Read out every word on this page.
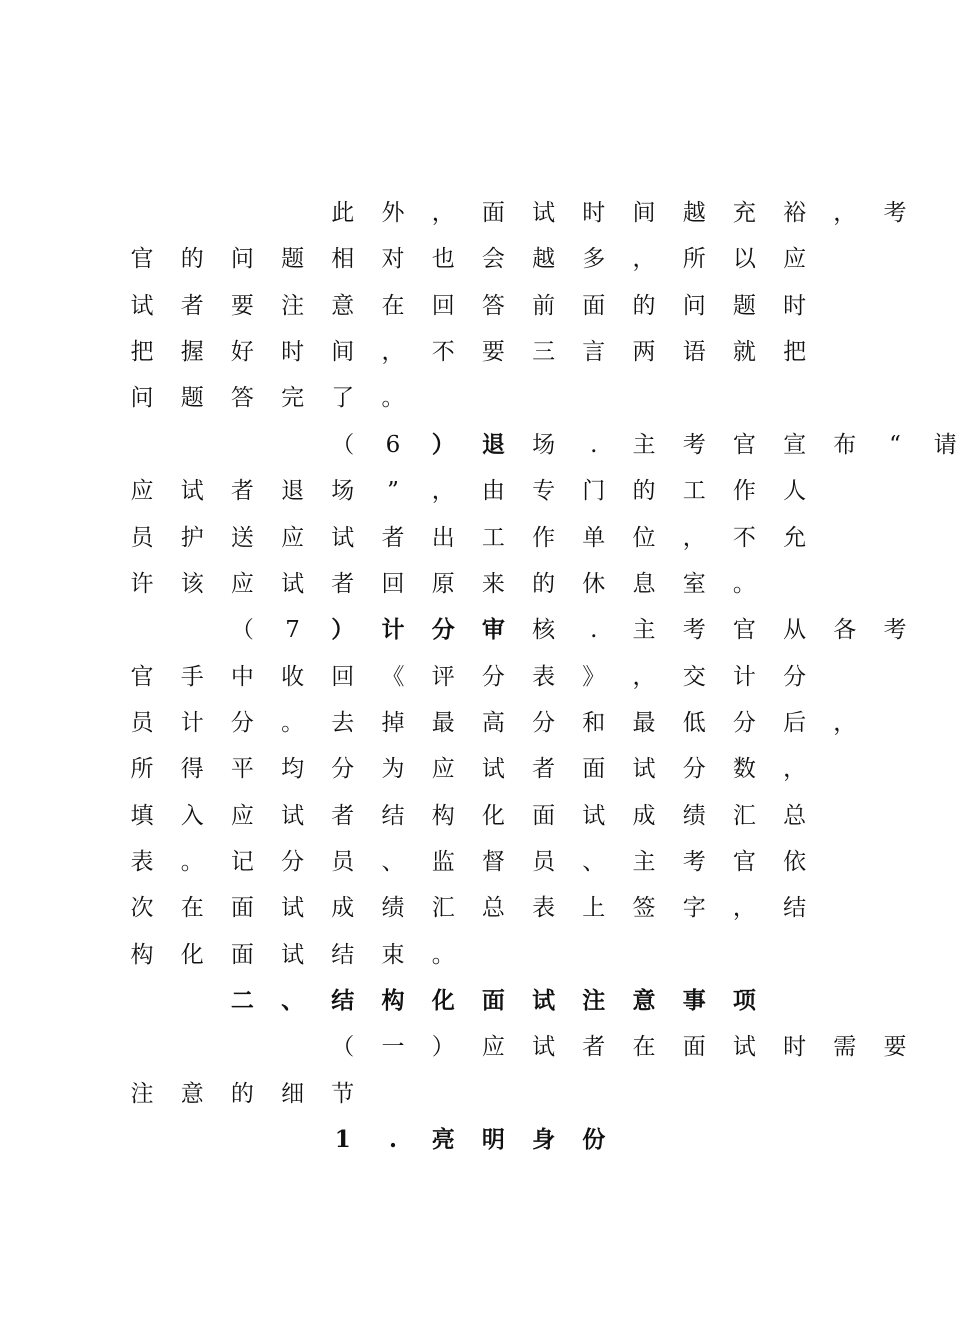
此 外 ， 面 试 时 间 越 充 裕 ， 考
官 的 问 题 相 对 也 会 越 多 ， 所 以 应
试 者 要 注 意 在 回 答 前 面 的 问 题 时
把 握 好 时 间 ， 不 要 三 言 两 语 就 把
问 题 答 完 了 。
（ 6 ） 退 场	.	主 考 官 宣 布	“	请
应 试 者 退 场	”	， 由 专 门 的 工 作 人
员 护 送 应 试 者 出 工 作 单 位 ， 不 允
许 该 应 试 者 回 原 来 的 休 息 室 。
（ 7 ） 计 分 审 核	.	主 考 官 从 各 考
官 手 中 收 回 《 评 分 表 》 ， 交 计 分
员 计 分 。 去 掉 最 高 分 和 最 低 分 后 ，
所 得 平 均 分 为 应 试 者 面 试 分 数 ，
填 入 应 试 者 结 构 化 面 试 成 绩 汇 总
表 。 记 分 员 、 监 督 员 、 主 考 官 依
次 在 面 试 成 绩 汇 总 表 上 签 字 ， 结
构 化 面 试 结 束 。
二 、 结 构 化 面 试 注 意 事 项
（ 一 ） 应 试 者 在 面 试 时 需 要
注 意 的 细 节
1	.	亮 明 身 份
